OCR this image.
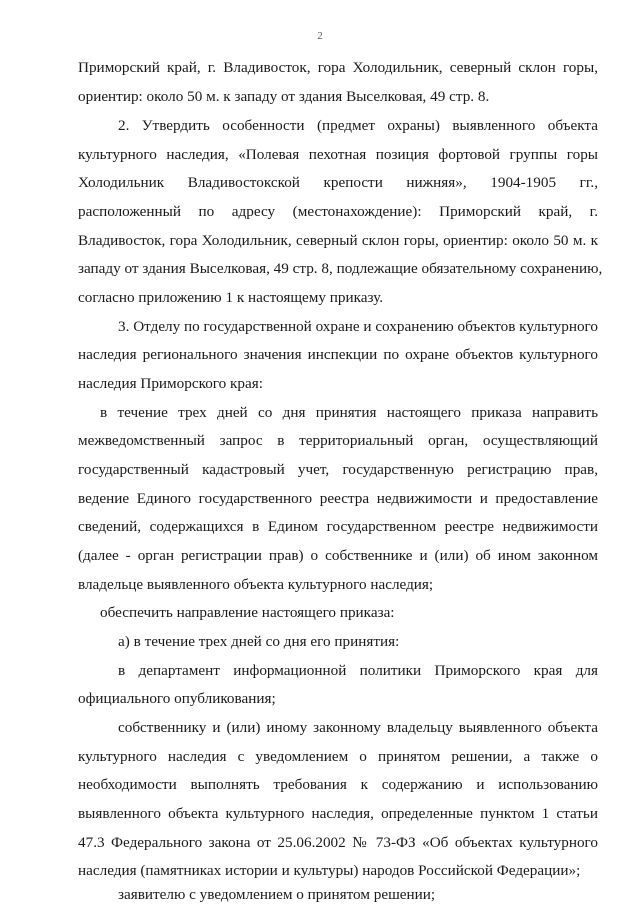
2
Приморский край, г. Владивосток, гора Холодильник, северный склон горы,
ориентир: около 50 м. к западу от здания Выселковая, 49 стр. 8.
2. Утвердить особенности (предмет охраны) выявленного объекта
культурного наследия, «Полевая пехотная позиция фортовой группы горы
Холодильник Владивостокской крепости нижняя», 1904-1905 гг.,
расположенный по адресу (местонахождение): Приморский край, г.
Владивосток, гора Холодильник, северный склон горы, ориентир: около 50 м. к
западу от здания Выселковая, 49 стр. 8, подлежащие обязательному сохранению,
согласно приложению 1 к настоящему приказу.
3. Отделу по государственной охране и сохранению объектов культурного
наследия регионального значения инспекции по охране объектов культурного
наследия Приморского края:
в течение трех дней со дня принятия настоящего приказа направить
межведомственный запрос в территориальный орган, осуществляющий
государственный кадастровый учет, государственную регистрацию прав,
ведение Единого государственного реестра недвижимости и предоставление
сведений, содержащихся в Едином государственном реестре недвижимости
(далее - орган регистрации прав) о собственнике и (или) об ином законном
владельце выявленного объекта культурного наследия;
обеспечить направление настоящего приказа:
а) в течение трех дней со дня его принятия:
в департамент информационной политики Приморского края для
официального опубликования;
собственнику и (или) иному законному владельцу выявленного объекта
культурного наследия с уведомлением о принятом решении, а также о
необходимости выполнять требования к содержанию и использованию
выявленного объекта культурного наследия, определенные пунктом 1 статьи
47.3 Федерального закона от 25.06.2002 № 73-ФЗ «Об объектах культурного
наследия (памятниках истории и культуры) народов Российской Федерации»;
заявителю с уведомлением о принятом решении;
